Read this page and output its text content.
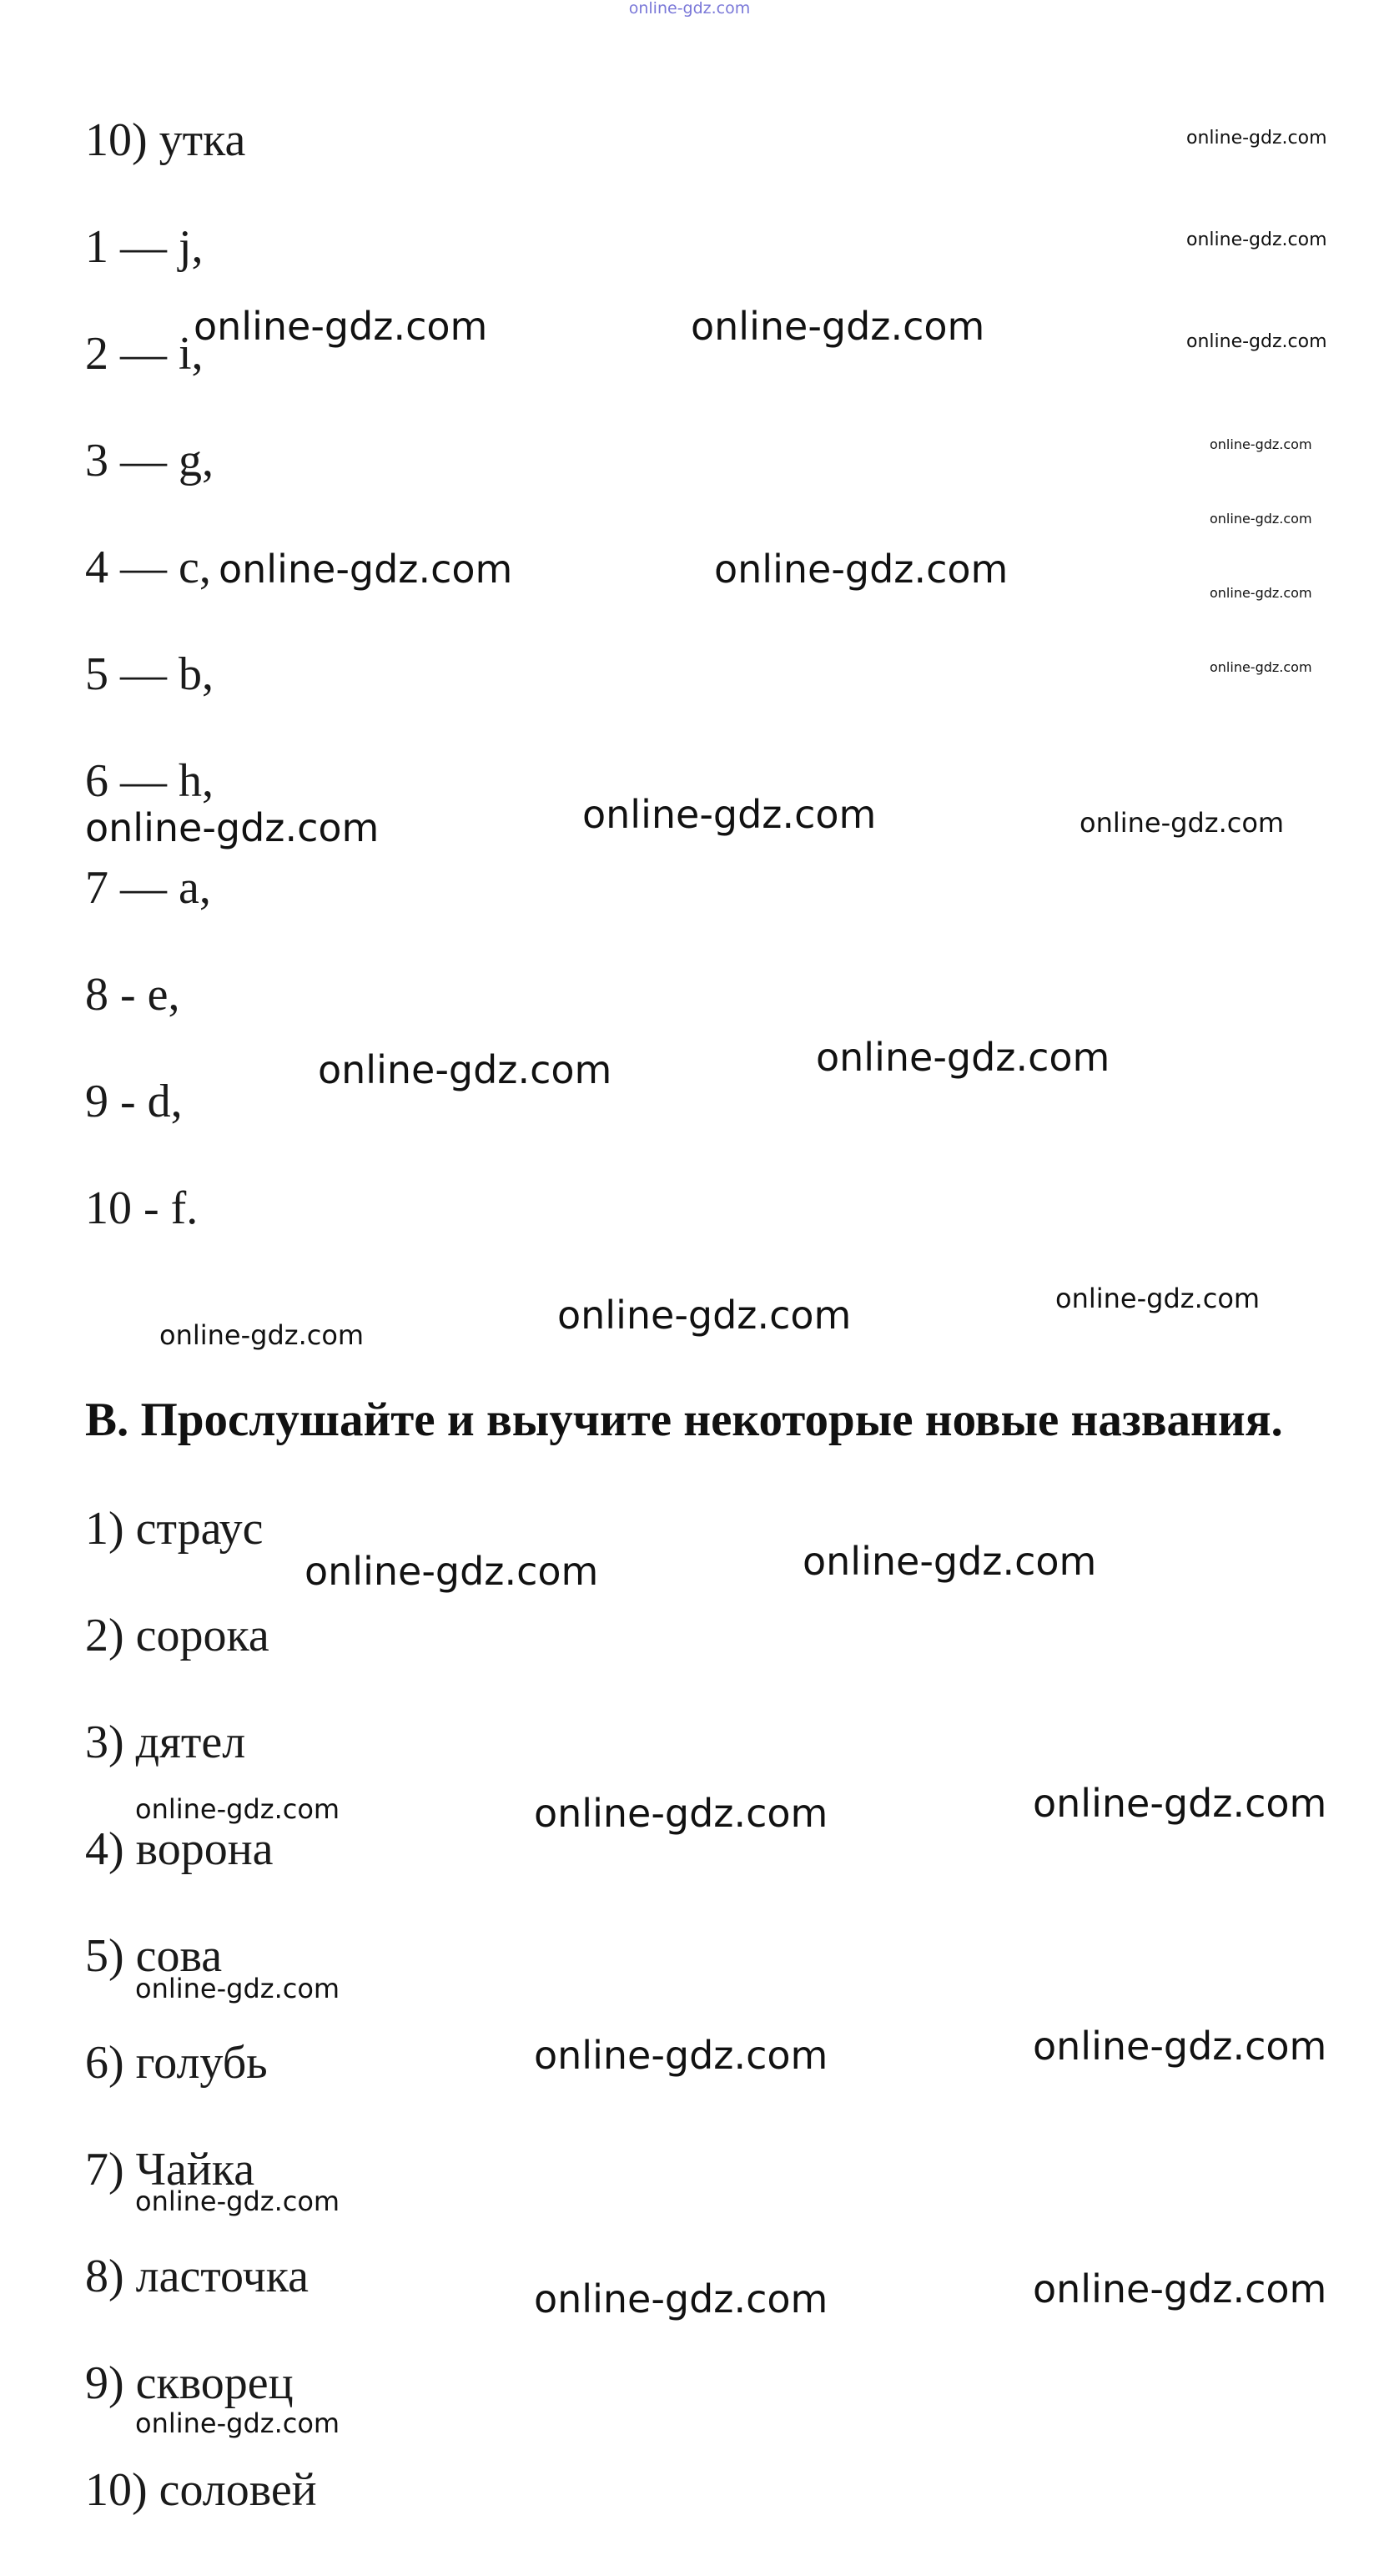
online-gdz.com
10) утка
1 — j,
2 — i,
3 — g,
4 — c,
5 — b,
6 — h,
7 — a,
8 - e,
9 - d,
10 - f.
B. Прослушайте и выучите некоторые новые названия.
1) страус
2) сорока
3) дятел
4) ворона
5) сова
6) голубь
7) Чайка
8) ласточка
9) скворец
10) соловей
online-gdz.com
online-gdz.com
online-gdz.com
online-gdz.com
online-gdz.com
online-gdz.com
online-gdz.com
online-gdz.com	online-gdz.com
online-gdz.com	online-gdz.com
online-gdz.com	online-gdz.com	online-gdz.com
online-gdz.com	online-gdz.com
online-gdz.com	online-gdz.com	online-gdz.com
online-gdz.com	online-gdz.com
online-gdz.com	online-gdz.com	online-gdz.com
online-gdz.com
online-gdz.com	online-gdz.com
online-gdz.com
online-gdz.com	online-gdz.com
online-gdz.com
